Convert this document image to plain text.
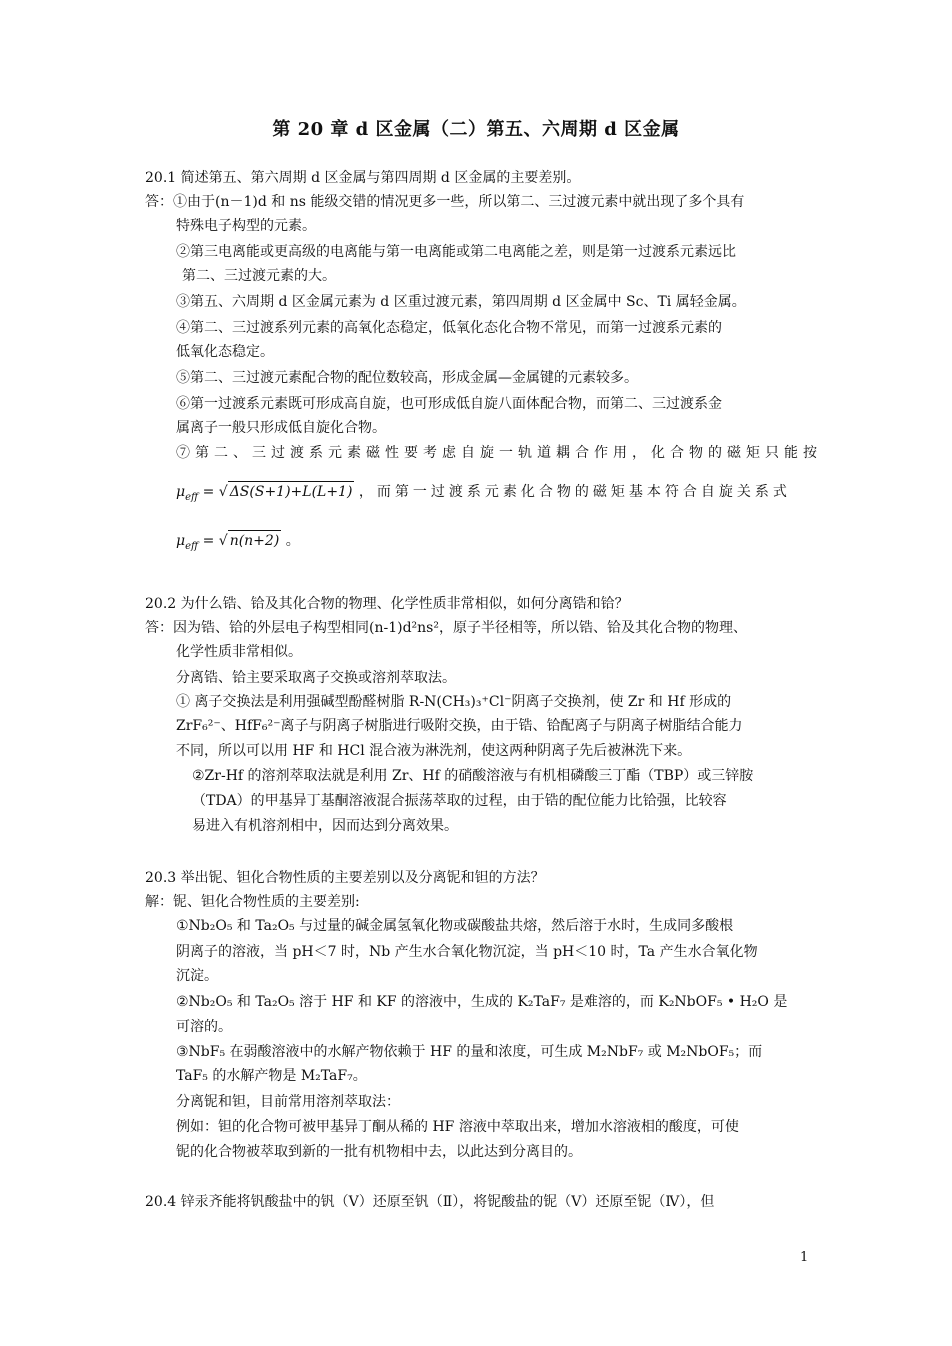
第 20 章 d 区金属（二）第五、六周期 d 区金属
20.1 简述第五、第六周期 d 区金属与第四周期 d 区金属的主要差别。
答：①由于(n－1)d 和 ns 能级交错的情况更多一些，所以第二、三过渡元素中就出现了多个具有
特殊电子构型的元素。
②第三电离能或更高级的电离能与第一电离能或第二电离能之差，则是第一过渡系元素远比
第二、三过渡元素的大。
③第五、六周期 d 区金属元素为 d 区重过渡元素，第四周期 d 区金属中 Sc、Ti 属轻金属。
④第二、三过渡系列元素的高氧化态稳定，低氧化态化合物不常见，而第一过渡系元素的
低氧化态稳定。
⑤第二、三过渡元素配合物的配位数较高，形成金属—金属键的元素较多。
⑥第一过渡系元素既可形成高自旋，也可形成低自旋八面体配合物，而第二、三过渡系金
属离子一般只形成低自旋化合物。
⑦第二、三过渡系元素磁性要考虑自旋一轨道耦合作用，化合物的磁矩只能按
$\mu_{eff}$ = √ ΔS(S+1)+L(L+1) ，而第一过渡系元素化合物的磁矩基本符合自旋关系式
$\mu_{eff}$ = √ n(n+2) 。
20.2 为什么锆、铪及其化合物的物理、化学性质非常相似，如何分离锆和铪？
答：因为锆、铪的外层电子构型相同(n-1)d²ns²，原子半径相等，所以锆、铪及其化合物的物理、
化学性质非常相似。
分离锆、铪主要采取离子交换或溶剂萃取法。
① 离子交换法是利用强碱型酚醛树脂 R-N(CH₃)₃⁺Cl⁻阴离子交换剂，使 Zr 和 Hf 形成的
ZrF₆²⁻、HfF₆²⁻离子与阴离子树脂进行吸附交换，由于锆、铪配离子与阴离子树脂结合能力
不同，所以可以用 HF 和 HCl 混合液为淋洗剂，使这两种阴离子先后被淋洗下来。
②Zr-Hf 的溶剂萃取法就是利用 Zr、Hf 的硝酸溶液与有机相磷酸三丁酯（TBP）或三锌胺
（TDA）的甲基异丁基酮溶液混合振荡萃取的过程，由于锆的配位能力比铪强，比较容
易进入有机溶剂相中，因而达到分离效果。
20.3 举出铌、钽化合物性质的主要差别以及分离铌和钽的方法？
解：铌、钽化合物性质的主要差别:
①Nb₂O₅ 和 Ta₂O₅ 与过量的碱金属氢氧化物或碳酸盐共熔，然后溶于水时，生成同多酸根
阴离子的溶液，当 pH＜7 时，Nb 产生水合氧化物沉淀，当 pH＜10 时，Ta 产生水合氧化物
沉淀。
②Nb₂O₅ 和 Ta₂O₅ 溶于 HF 和 KF 的溶液中，生成的 K₂TaF₇ 是难溶的，而 K₂NbOF₅ • H₂O 是
可溶的。
③NbF₅ 在弱酸溶液中的水解产物依赖于 HF 的量和浓度，可生成 M₂NbF₇ 或 M₂NbOF₅；而
TaF₅ 的水解产物是 M₂TaF₇。
分离铌和钽，目前常用溶剂萃取法：
例如：钽的化合物可被甲基异丁酮从稀的 HF 溶液中萃取出来，增加水溶液相的酸度，可使
铌的化合物被萃取到新的一批有机物相中去，以此达到分离目的。
20.4 锌汞齐能将钒酸盐中的钒（Ⅴ）还原至钒（Ⅱ），将铌酸盐的铌（Ⅴ）还原至铌（Ⅳ），但
1
